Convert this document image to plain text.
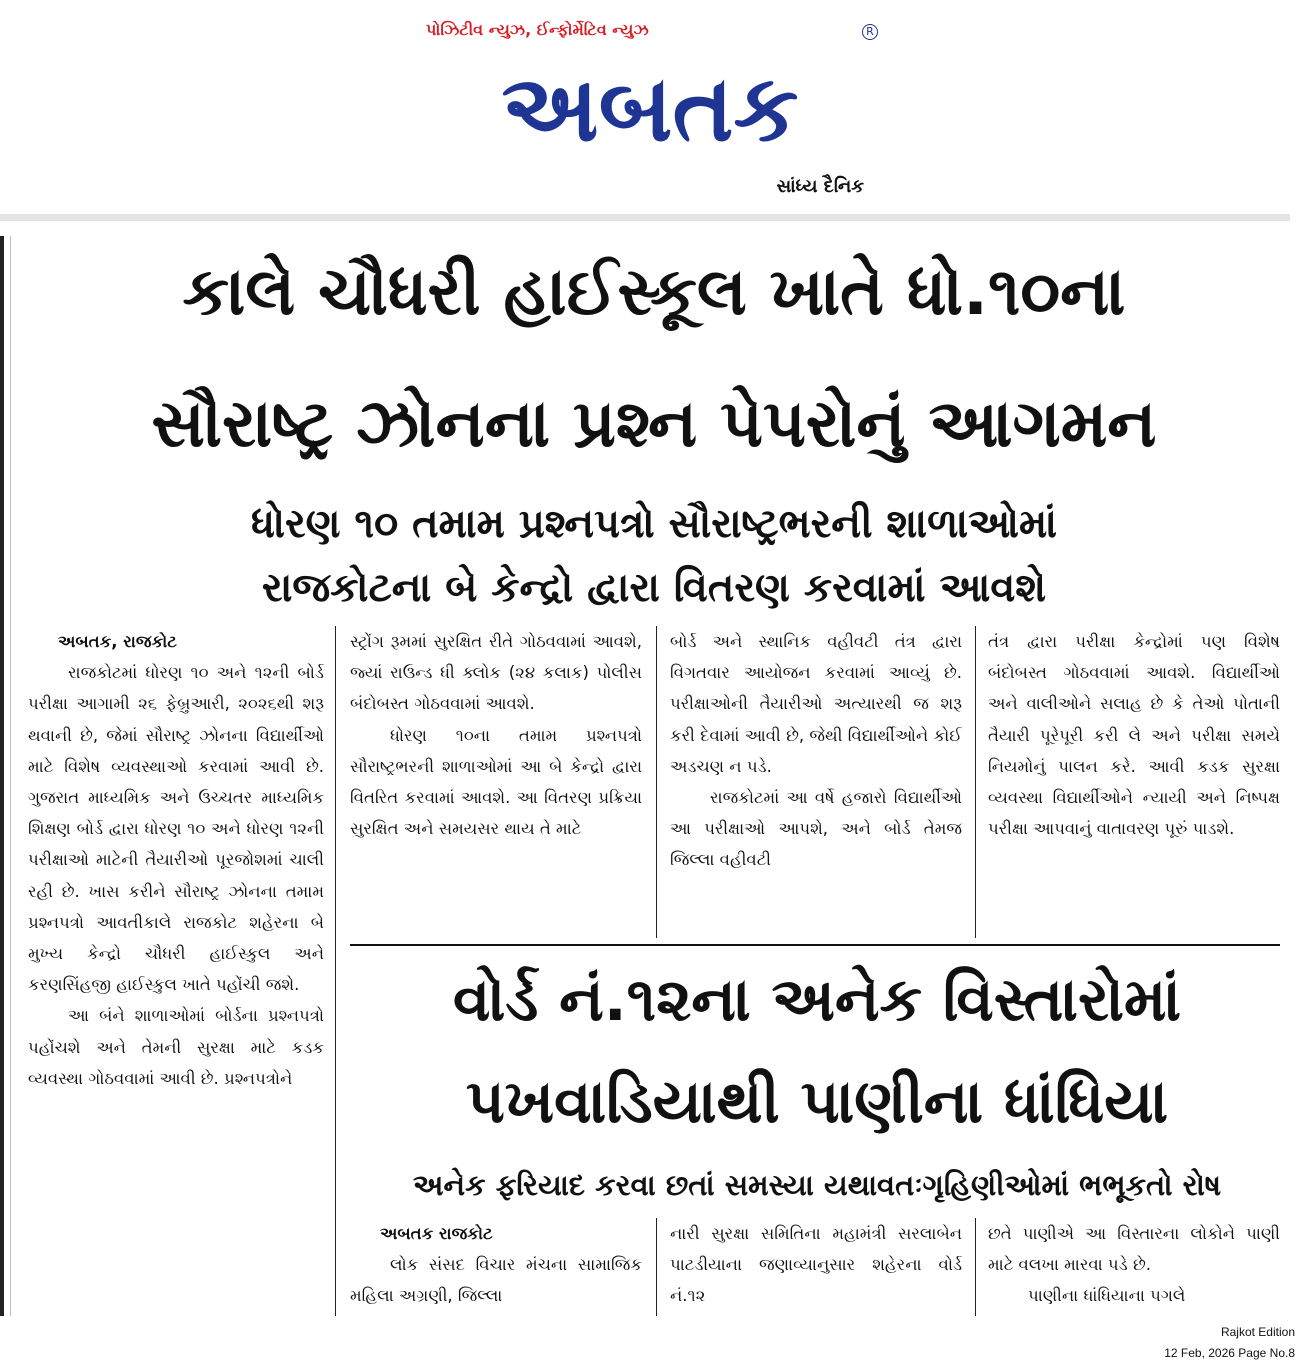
પોઝિટીવ ન્યુઝ, ઈન્ફોર્મેટિવ ન્યુઝ	R
અબતક
સાંધ્ય દૈનિક
કાલે ચૌધરી હાઈસ્કૂલ ખાતે ધો.૧૦ના
સૌરાષ્ટ્ર ઝોનના પ્રશ્ન પેપરોનું આગમન
ધોરણ ૧૦ તમામ પ્રશ્નપત્રો સૌરાષ્ટ્રભરની શાળાઓમાં
રાજકોટના બે કેન્દ્રો દ્વારા વિતરણ કરવામાં આવશે

અબતક, રાજકોટ

રાજકોટમાં ધોરણ ૧૦ અને ૧૨ની બોર્ડ પરીક્ષા આગામી ૨૬ ફેબ્રુઆરી, ૨૦૨૬થી શરૂ થવાની છે, જેમાં સૌરાષ્ટ્ર ઝોનના વિદ્યાર્થીઓ માટે વિશેષ વ્યવસ્થાઓ કરવામાં આવી છે. ગુજરાત માધ્યમિક અને ઉચ્ચતર માધ્યમિક શિક્ષણ બોર્ડ દ્વારા ધોરણ ૧૦ અને ધોરણ ૧૨ની પરીક્ષાઓ માટેની તૈયારીઓ પૂરજોશમાં ચાલી રહી છે. ખાસ કરીને સૌરાષ્ટ્ર ઝોનના તમામ પ્રશ્નપત્રો આવતીકાલે રાજકોટ શહેરના બે મુખ્ય કેન્દ્રો ચૌધરી હાઈસ્કુલ અને કરણસિંહજી હાઈસ્કુલ ખાતે પહોંચી જશે.

આ બંને શાળાઓમાં બોર્ડના પ્રશ્નપત્રો પહોંચશે અને તેમની સુરક્ષા માટે કડક વ્યવસ્થા ગોઠવવામાં આવી છે. પ્રશ્નપત્રોને

સ્ટ્રોંગ રૂમમાં સુરક્ષિત રીતે ગોઠવવામાં આવશે, જ્યાં રાઉન્ડ ધી ક્લોક (૨૪ કલાક) પોલીસ બંદોબસ્ત ગોઠવવામાં આવશે.

ધોરણ ૧૦ના તમામ પ્રશ્નપત્રો સૌરાષ્ટ્રભરની શાળાઓમાં આ બે કેન્દ્રો દ્વારા વિતરિત કરવામાં આવશે. આ વિતરણ પ્રક્રિયા સુરક્ષિત અને સમયસર થાય તે માટે

બોર્ડ અને સ્થાનિક વહીવટી તંત્ર દ્વારા વિગતવાર આયોજન કરવામાં આવ્યું છે. પરીક્ષાઓની તૈયારીઓ અત્યારથી જ શરૂ કરી દેવામાં આવી છે, જેથી વિદ્યાર્થીઓને કોઈ અડચણ ન પડે.

રાજકોટમાં આ વર્ષે હજારો વિદ્યાર્થીઓ આ પરીક્ષાઓ આપશે, અને બોર્ડ તેમજ જિલ્લા વહીવટી

તંત્ર દ્વારા પરીક્ષા કેન્દ્રોમાં પણ વિશેષ બંદોબસ્ત ગોઠવવામાં આવશે. વિદ્યાર્થીઓ અને વાલીઓને સલાહ છે કે તેઓ પોતાની તૈયારી પૂરેપૂરી કરી લે અને પરીક્ષા સમયે નિયમોનું પાલન કરે. આવી કડક સુરક્ષા વ્યવસ્થા વિદ્યાર્થીઓને ન્યાયી અને નિષ્પક્ષ પરીક્ષા આપવાનું વાતાવરણ પૂરું પાડશે.

વોર્ડ નં.૧૨ના અનેક વિસ્તારોમાં
પખવાડિયાથી પાણીના ધાંધિયા
અનેક ફરિયાદ કરવા છતાં સમસ્યા યથાવતઃગૃહિણીઓમાં ભભૂકતો રોષ

અબતક રાજકોટ

લોક સંસદ વિચાર મંચના સામાજિક મહિલા અગ્રણી, જિલ્લા

નારી સુરક્ષા સમિતિના મહામંત્રી સરલાબેન પાટડીયાના જણાવ્યાનુસાર શહેરના વોર્ડ નં.૧૨

છતે પાણીએ આ વિસ્તારના લોકોને પાણી માટે વલખા મારવા પડે છે.

પાણીના ધાંધિયાના પગલે

Rajkot Edition
12 Feb, 2026 Page No.8
